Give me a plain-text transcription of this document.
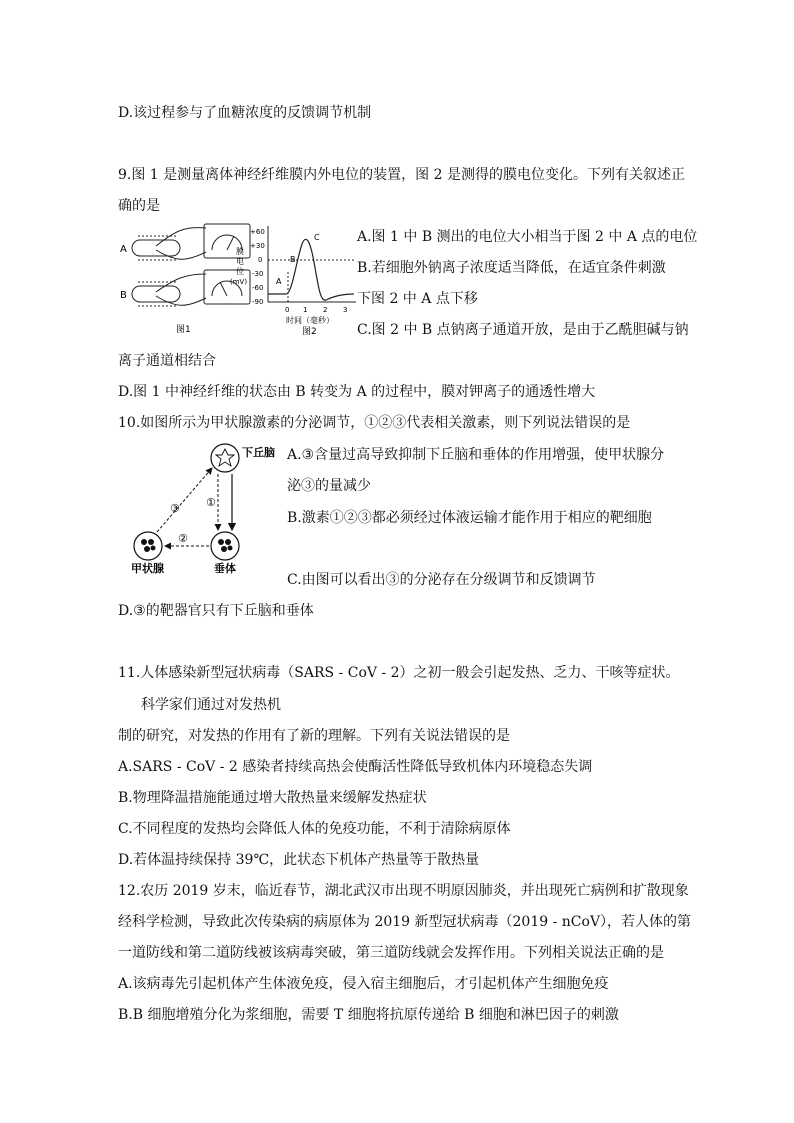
D.该过程参与了血糖浓度的反馈调节机制
9.图 1 是测量离体神经纤维膜内外电位的装置，图 2 是测得的膜电位变化。下列有关叙述正
确的是
A
B
图1
膜
电
位
(mV)
+60
+30
0
-30
-60
-90
A
B
C
0 1 2 3
时间（毫秒）
图2
A.图 1 中 B 测出的电位大小相当于图 2 中 A 点的电位
B.若细胞外钠离子浓度适当降低，在适宜条件刺激
下图 2 中 A 点下移
C.图 2 中 B 点钠离子通道开放，是由于乙酰胆碱与钠
离子通道相结合
D.图 1 中神经纤维的状态由 B 转变为 A 的过程中，膜对钾离子的通透性增大
10.如图所示为甲状腺激素的分泌调节，①②③代表相关激素，则下列说法错误的是
下丘脑
垂体
甲状腺
①
②
③
A.③含量过高导致抑制下丘脑和垂体的作用增强，使甲状腺分
泌③的量减少
B.激素①②③都必须经过体液运输才能作用于相应的靶细胞
C.由图可以看出③的分泌存在分级调节和反馈调节
D.③的靶器官只有下丘脑和垂体
11.人体感染新型冠状病毒（SARS - CoV - 2）之初一般会引起发热、乏力、干咳等症状。
科学家们通过对发热机
制的研究，对发热的作用有了新的理解。下列有关说法错误的是
A.SARS - CoV - 2 感染者持续高热会使酶活性降低导致机体内环境稳态失调
B.物理降温措施能通过增大散热量来缓解发热症状
C.不同程度的发热均会降低人体的免疫功能，不利于清除病原体
D.若体温持续保持 39℃，此状态下机体产热量等于散热量
12.农历 2019 岁末，临近春节，湖北武汉市出现不明原因肺炎，并出现死亡病例和扩散现象
经科学检测，导致此次传染病的病原体为 2019 新型冠状病毒（2019 - nCoV），若人体的第
一道防线和第二道防线被该病毒突破，第三道防线就会发挥作用。下列相关说法正确的是
A.该病毒先引起机体产生体液免疫，侵入宿主细胞后，才引起机体产生细胞免疫
B.B 细胞增殖分化为浆细胞，需要 T 细胞将抗原传递给 B 细胞和淋巴因子的刺激
